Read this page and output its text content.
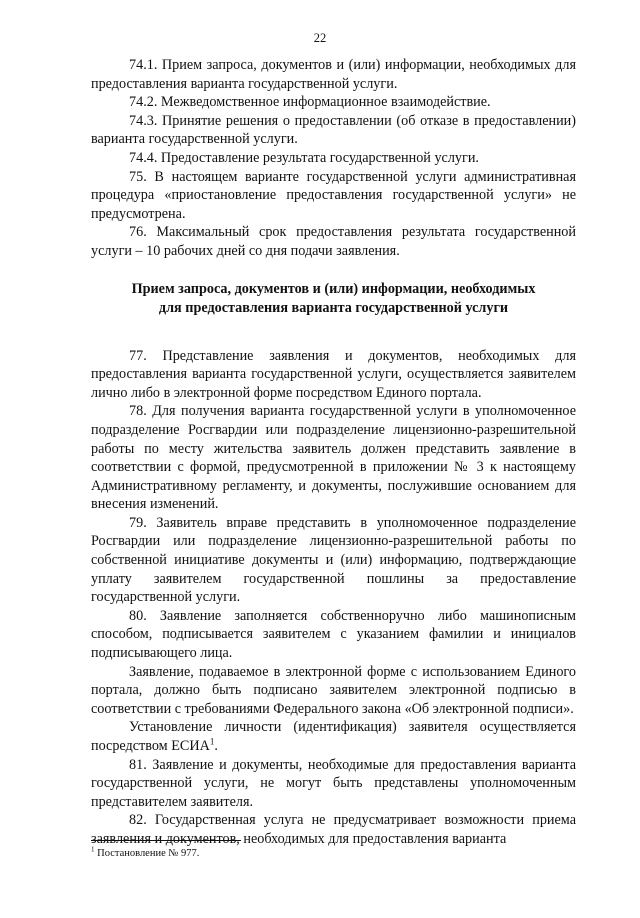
22

74.1. Прием запроса, документов и (или) информации, необходимых для предоставления варианта государственной услуги.

74.2. Межведомственное информационное взаимодействие.

74.3. Принятие решения о предоставлении (об отказе в предоставлении) варианта государственной услуги.

74.4. Предоставление результата государственной услуги.

75. В настоящем варианте государственной услуги административная процедура «приостановление предоставления государственной услуги» не предусмотрена.

76. Максимальный срок предоставления результата государственной услуги – 10 рабочих дней со дня подачи заявления.

Прием запроса, документов и (или) информации, необходимых
для предоставления варианта государственной услуги

77. Представление заявления и документов, необходимых для предоставления варианта государственной услуги, осуществляется заявителем лично либо в электронной форме посредством Единого портала.

78. Для получения варианта государственной услуги в уполномоченное подразделение Росгвардии или подразделение лицензионно-разрешительной работы по месту жительства заявитель должен представить заявление в соответствии с формой, предусмотренной в приложении № 3 к настоящему Административному регламенту, и документы, послужившие основанием для внесения изменений.

79. Заявитель вправе представить в уполномоченное подразделение Росгвардии или подразделение лицензионно-разрешительной работы по собственной инициативе документы и (или) информацию, подтверждающие уплату заявителем государственной пошлины за предоставление государственной услуги.

80. Заявление заполняется собственноручно либо машинописным способом, подписывается заявителем с указанием фамилии и инициалов подписывающего лица.

Заявление, подаваемое в электронной форме с использованием Единого портала, должно быть подписано заявителем электронной подписью в соответствии с требованиями Федерального закона «Об электронной подписи».

Установление личности (идентификация) заявителя осуществляется посредством ЕСИА$^1$.

81. Заявление и документы, необходимые для предоставления варианта государственной услуги, не могут быть представлены уполномоченным представителем заявителя.

82. Государственная услуга не предусматривает возможности приема заявления и документов, необходимых для предоставления варианта

$^1$ Постановление № 977.
